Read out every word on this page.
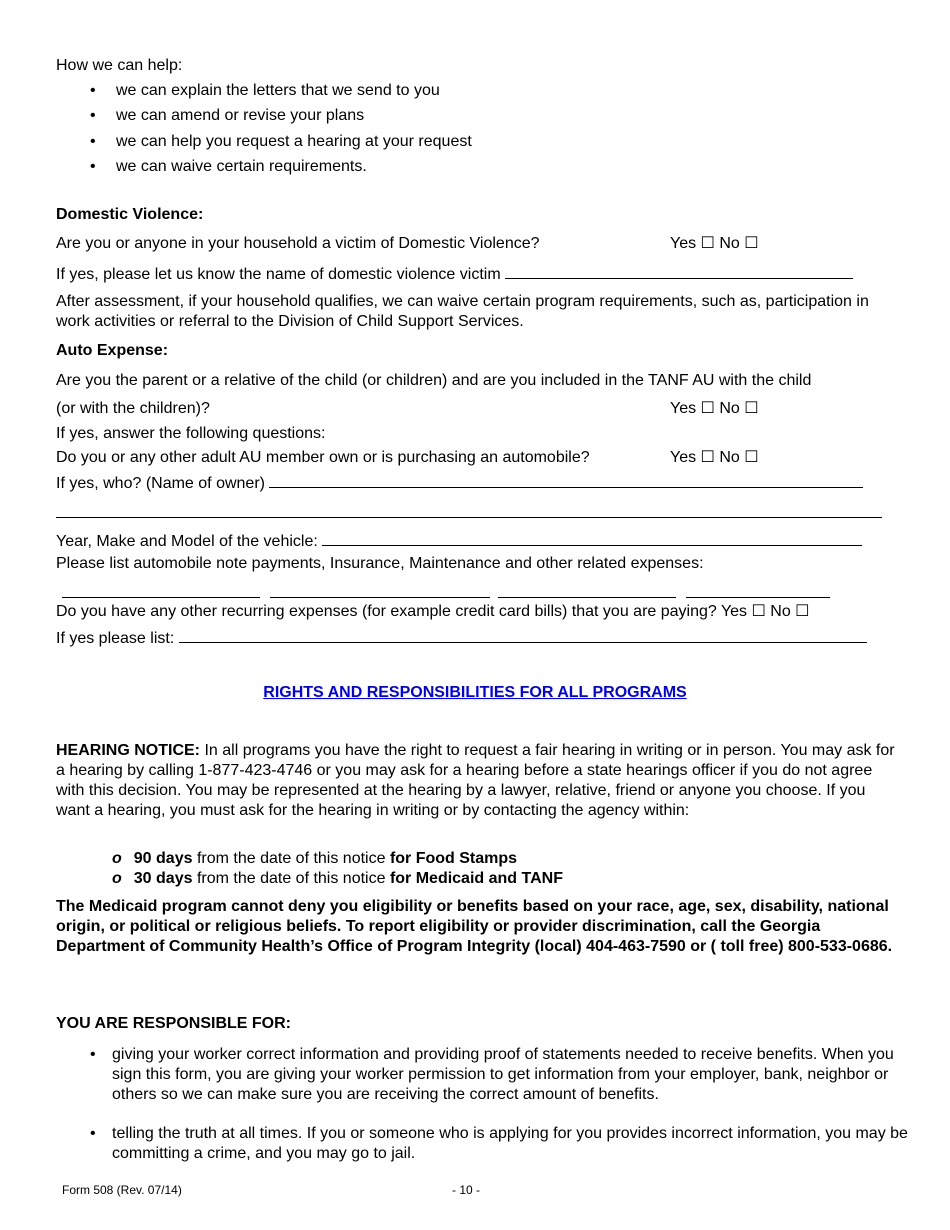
How we can help:
• we can explain the letters that we send to you
• we can amend or revise your plans
• we can help you request a hearing at your request
• we can waive certain requirements.
Domestic Violence:
Are you or anyone in your household a victim of Domestic Violence?	Yes ☐ No ☐
If yes, please let us know the name of domestic violence victim
After assessment, if your household qualifies, we can waive certain program requirements, such as, participation in work activities or referral to the Division of Child Support Services.
Auto Expense:
Are you the parent or a relative of the child (or children) and are you included in the TANF AU with the child
(or with the children)?	Yes ☐ No ☐
If yes, answer the following questions:
Do you or any other adult AU member own or is purchasing an automobile?	Yes ☐ No ☐
If yes, who? (Name of owner)
Year, Make and Model of the vehicle:
Please list automobile note payments, Insurance, Maintenance and other related expenses:
Do you have any other recurring expenses (for example credit card bills) that you are paying? Yes ☐ No ☐
If yes please list:
RIGHTS AND RESPONSIBILITIES FOR ALL PROGRAMS
HEARING NOTICE: In all programs you have the right to request a fair hearing in writing or in person. You may ask for a hearing by calling 1-877-423-4746 or you may ask for a hearing before a state hearings officer if you do not agree with this decision. You may be represented at the hearing by a lawyer, relative, friend or anyone you choose. If you want a hearing, you must ask for the hearing in writing or by contacting the agency within:
o 90 days from the date of this notice for Food Stamps
o 30 days from the date of this notice for Medicaid and TANF
The Medicaid program cannot deny you eligibility or benefits based on your race, age, sex, disability, national origin, or political or religious beliefs. To report eligibility or provider discrimination, call the Georgia Department of Community Health’s Office of Program Integrity (local) 404-463-7590 or ( toll free) 800-533-0686.
YOU ARE RESPONSIBLE FOR:
• giving your worker correct information and providing proof of statements needed to receive benefits. When you sign this form, you are giving your worker permission to get information from your employer, bank, neighbor or others so we can make sure you are receiving the correct amount of benefits.
• telling the truth at all times. If you or someone who is applying for you provides incorrect information, you may be committing a crime, and you may go to jail.
Form 508 (Rev. 07/14)	- 10 -
